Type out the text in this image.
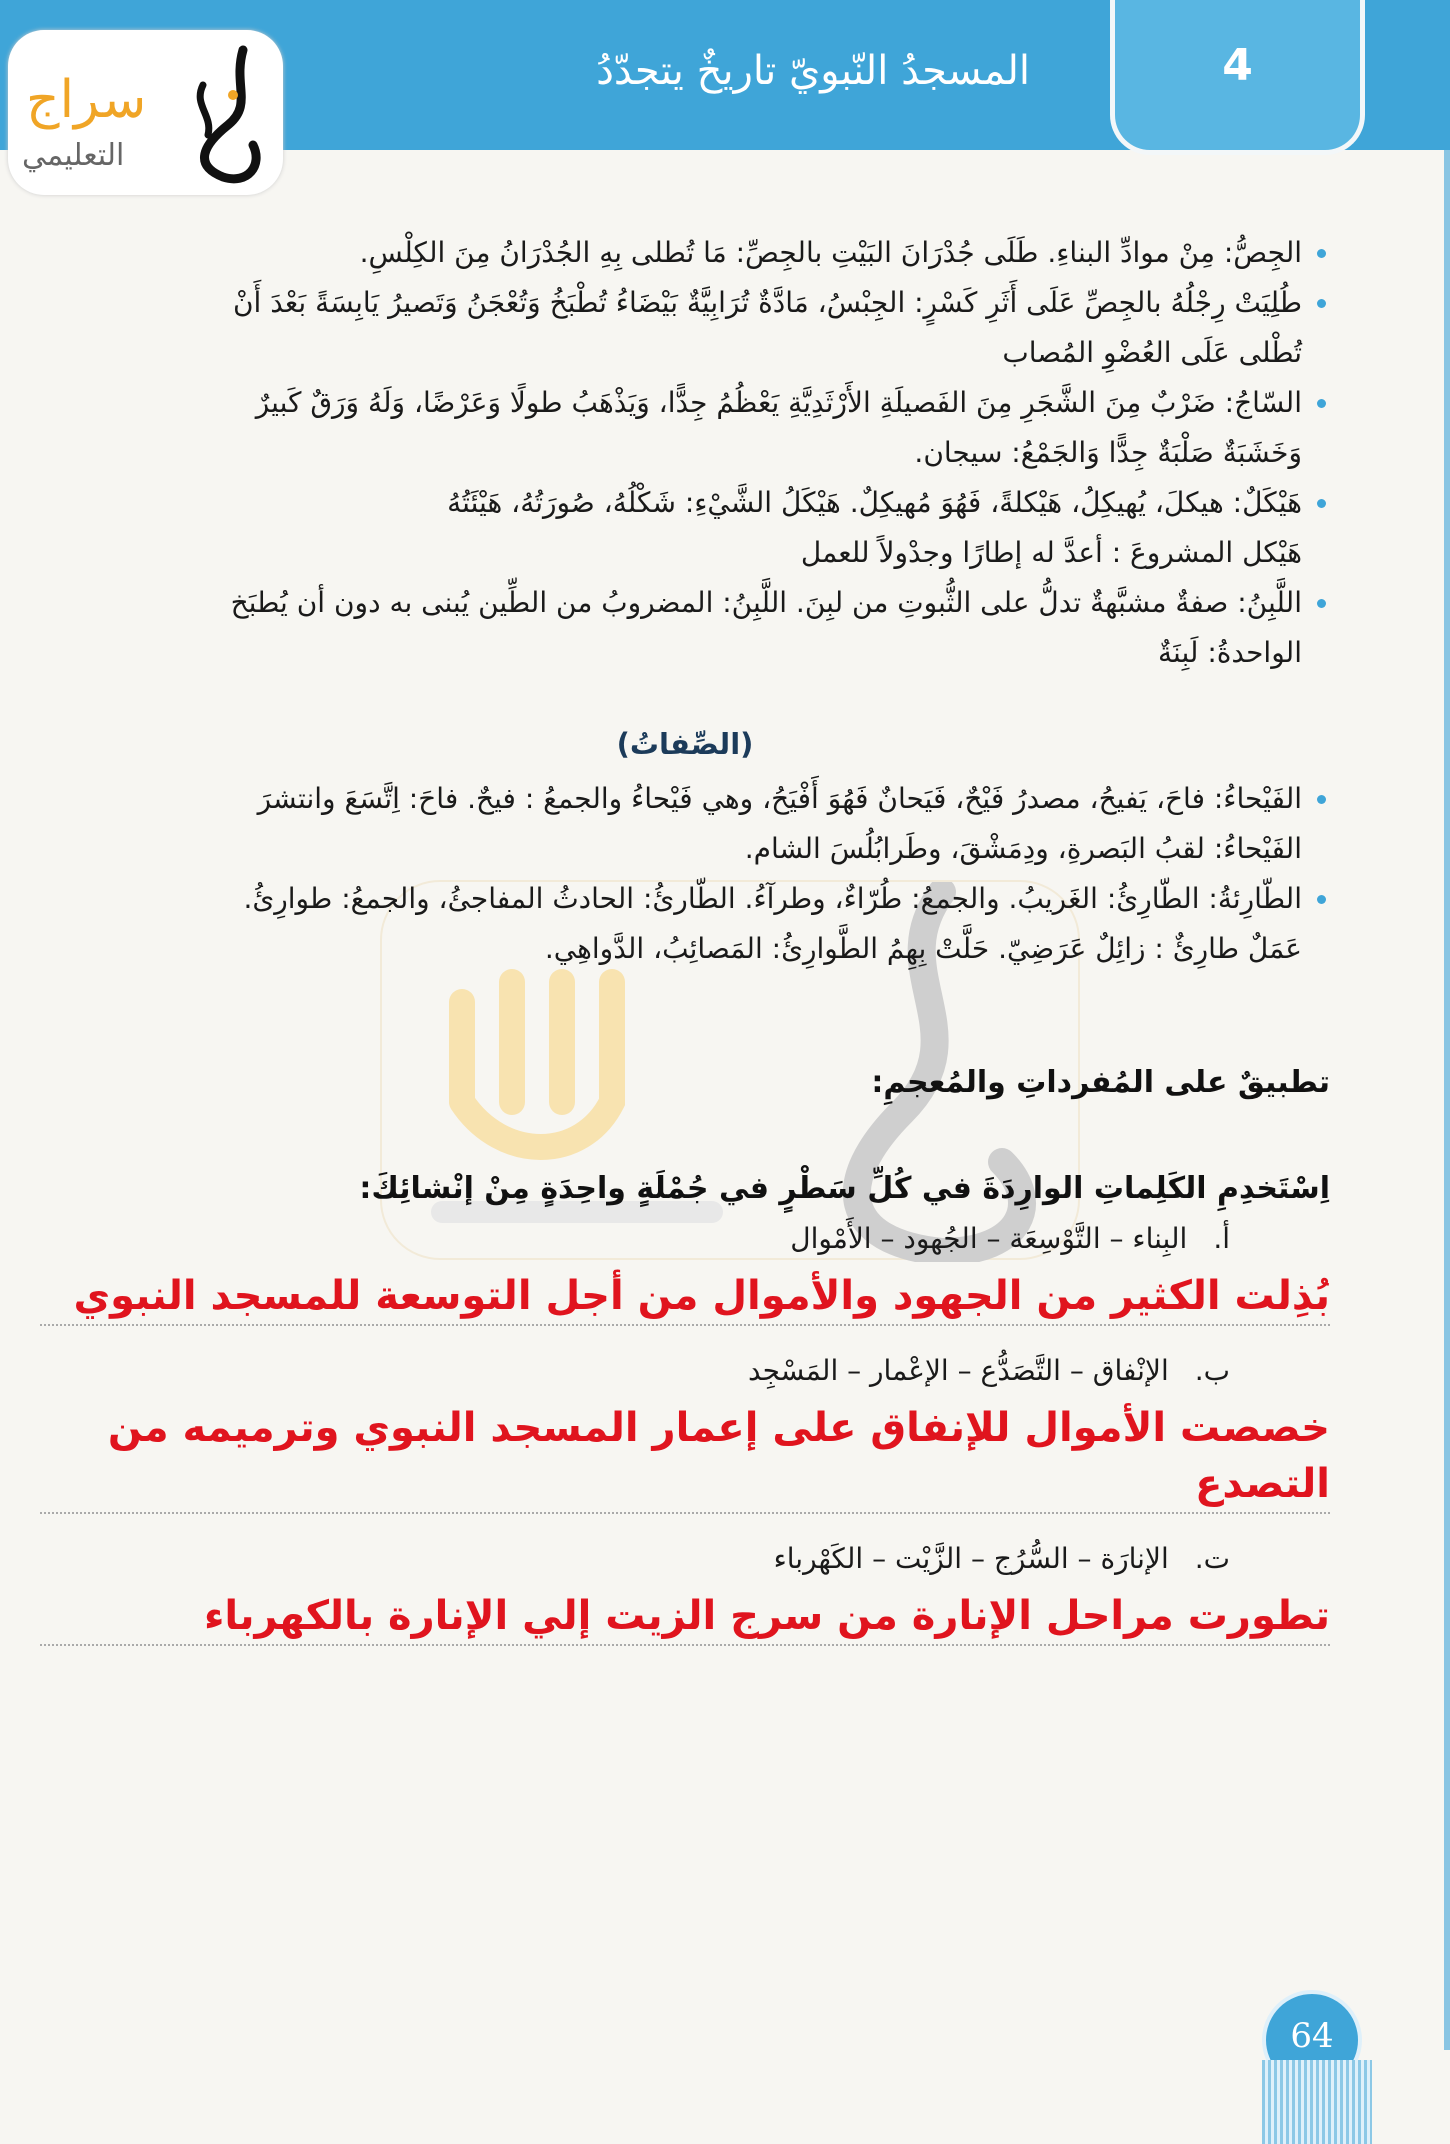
4
المسجدُ النّبويّ تاريخٌ يتجدّدُ
سراج
التعليمي
الجِصُّ: مِنْ موادِّ البناءِ. طَلَى جُدْرَانَ البَيْتِ بالجِصِّ: مَا تُطلى بِهِ الجُدْرَانُ مِنَ الكِلْسِ.
طُلِيَتْ رِجْلُهُ بالجِصِّ عَلَى أَثَرِ كَسْرٍ: الجِبْسُ، مَادَّةٌ تُرَابِيَّةٌ بَيْضَاءُ تُطْبَخُ وَتُعْجَنُ وَتَصيرُ يَابِسَةً بَعْدَ أَنْ
تُطْلى عَلَى العُضْوِ المُصاب
السّاجُ: ضَرْبٌ مِنَ الشَّجَرِ مِنَ الفَصيلَةِ الأَرْثَدِيَّةِ يَعْظُمُ جِدًّا، وَيَذْهَبُ طولًا وَعَرْضًا، وَلَهُ وَرَقٌ كَبيرٌ
وَخَشَبَةٌ صَلْبَةٌ جِدًّا وَالجَمْعُ: سيجان.
هَيْكَلٌ: هيكلَ، يُهيكِلُ، هَيْكلةً، فَهُوَ مُهيكِلٌ. هَيْكَلُ الشَّيْءِ: شَكْلُهُ، صُورَتُهُ، هَيْئَتُهُ
هَيْكل المشروعَ : أعدَّ له إطارًا وجدْولاً للعمل
اللَّبِنُ: صفةٌ مشبَّهةٌ تدلُّ على الثُّبوتِ من لبِنَ. اللَّبِنُ: المضروبُ من الطِّين يُبنى به دون أن يُطبَخ
الواحدةُ: لَبِنَةٌ
(الصِّفاتُ)
الفَيْحاءُ: فاحَ، يَفيحُ، مصدرُ فَيْحٌ، فَيَحانٌ فَهُوَ أَفْيَحُ، وهي فَيْحاءُ والجمعُ : فيحٌ. فاحَ: اِتَّسَعَ وانتشرَ
الفَيْحاءُ: لقبُ البَصرةِ، ودِمَشْقَ، وطَرابُلُسَ الشام.
الطّارِئةُ: الطّارِئُ: الغَريبُ. والجمعُ: طُرّاءٌ، وطرآءُ. الطّارئُ: الحادثُ المفاجئُ، والجمعُ: طوارِئُ.
عَمَلٌ طارِئٌ : زائِلٌ عَرَضِيّ. حَلَّتْ بِهِمُ الطَّوارِئُ: المَصائِبُ، الدَّواهِي.
تطبيقٌ على المُفرداتِ والمُعجمِ:
اِسْتَخدِمِ الكَلِماتِ الوارِدَةَ في كُلِّ سَطْرٍ في جُمْلَةٍ واحِدَةٍ مِنْ إنْشائِكَ:
أ.
البِناء – التَّوْسِعَة – الجُهود – الأَمْوال
بُذِلت الكثير من الجهود والأموال من أجل التوسعة للمسجد النبوي
ب.
الإنْفاق – التَّصَدُّع – الإعْمار – المَسْجِد
خصصت الأموال للإنفاق على إعمار المسجد النبوي وترميمه من التصدع
ت.
الإنارَة – السُّرُج – الزَّيْت – الكَهْرباء
تطورت مراحل الإنارة من سرج الزيت إلي الإنارة بالكهرباء
64
